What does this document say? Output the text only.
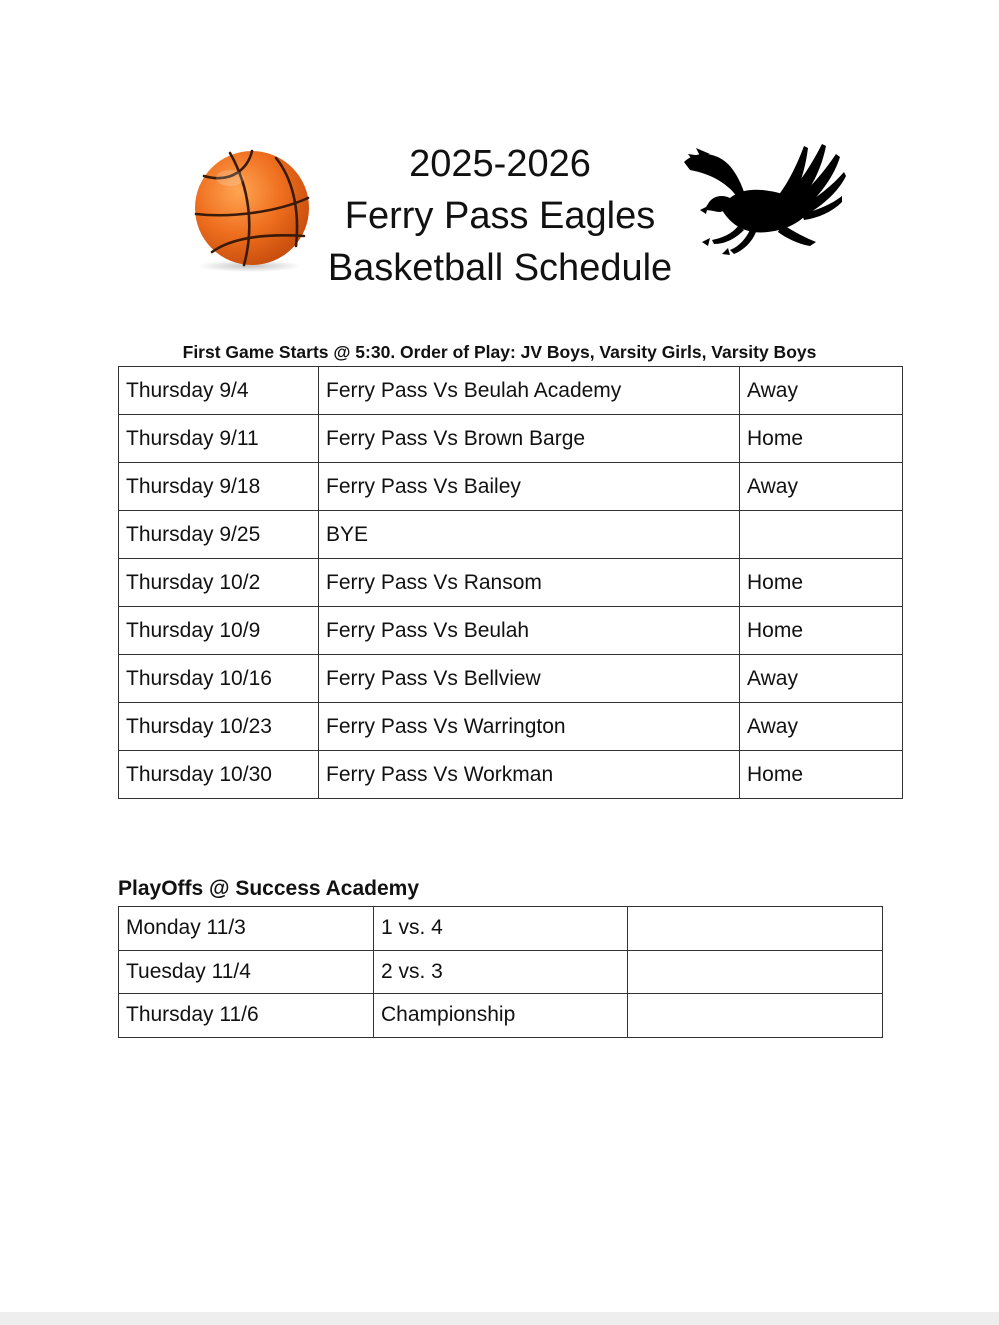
2025-2026
Ferry Pass Eagles
Basketball Schedule
First Game Starts @ 5:30. Order of Play: JV Boys, Varsity Girls, Varsity Boys
Thursday 9/4	Ferry Pass Vs Beulah Academy	Away
Thursday 9/11	Ferry Pass Vs Brown Barge	Home
Thursday 9/18	Ferry Pass Vs Bailey	Away
Thursday 9/25	BYE	
Thursday 10/2	Ferry Pass Vs Ransom	Home
Thursday 10/9	Ferry Pass Vs Beulah	Home
Thursday 10/16	Ferry Pass Vs Bellview	Away
Thursday 10/23	Ferry Pass Vs Warrington	Away
Thursday 10/30	Ferry Pass Vs Workman	Home
PlayOffs @ Success Academy
Monday 11/3	1 vs. 4	
Tuesday 11/4	2 vs. 3	
Thursday 11/6	Championship	
